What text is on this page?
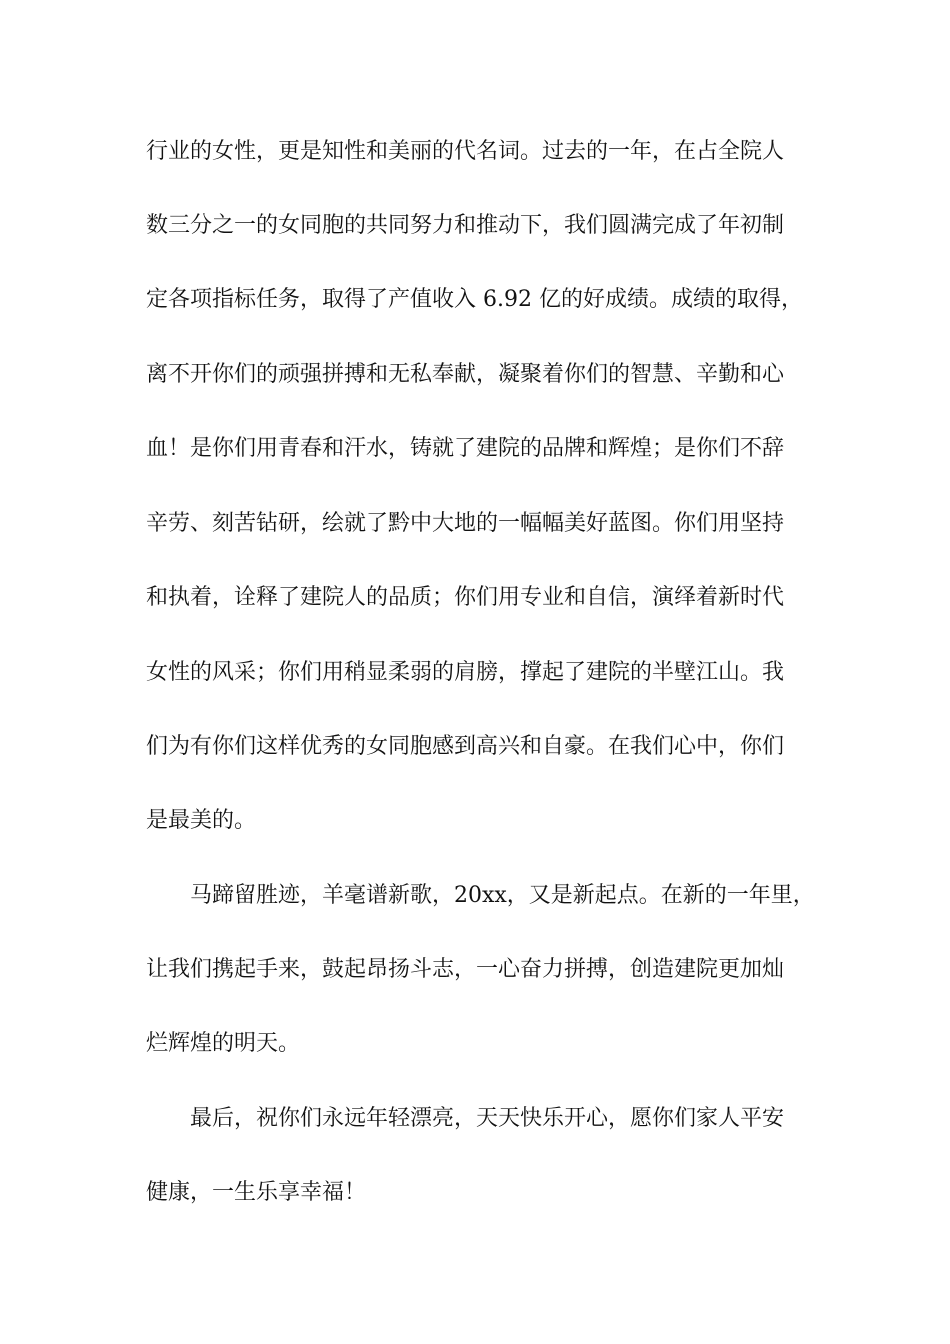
行业的女性，更是知性和美丽的代名词。过去的一年，在占全院人
数三分之一的女同胞的共同努力和推动下，我们圆满完成了年初制
定各项指标任务，取得了产值收入 6.92 亿的好成绩。成绩的取得，
离不开你们的顽强拼搏和无私奉献，凝聚着你们的智慧、辛勤和心
血！是你们用青春和汗水，铸就了建院的品牌和辉煌；是你们不辞
辛劳、刻苦钻研，绘就了黔中大地的一幅幅美好蓝图。你们用坚持
和执着，诠释了建院人的品质；你们用专业和自信，演绎着新时代
女性的风采；你们用稍显柔弱的肩膀，撑起了建院的半壁江山。我
们为有你们这样优秀的女同胞感到高兴和自豪。在我们心中，你们
是最美的。
马蹄留胜迹，羊毫谱新歌，20xx，又是新起点。在新的一年里，
让我们携起手来，鼓起昂扬斗志，一心奋力拼搏，创造建院更加灿
烂辉煌的明天。
最后，祝你们永远年轻漂亮，天天快乐开心，愿你们家人平安
健康，一生乐享幸福！
